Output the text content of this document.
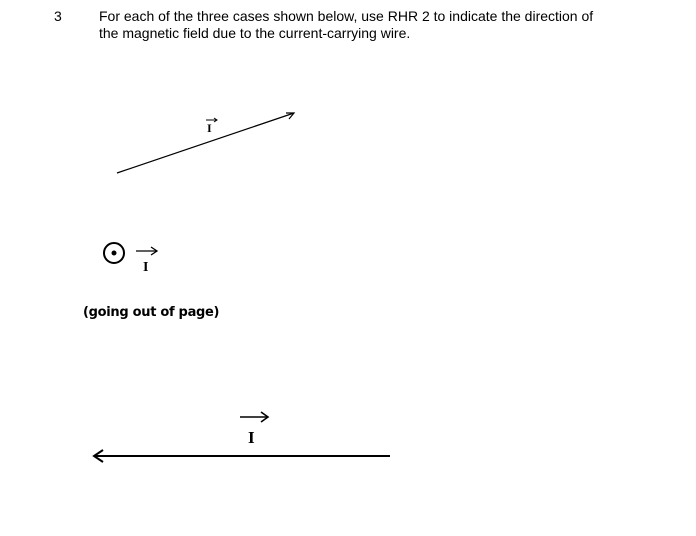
3	For each of the three cases shown below, use RHR 2 to indicate the direction of
the magnetic field due to the current-carrying wire.
I
I
(going out of page)
I
